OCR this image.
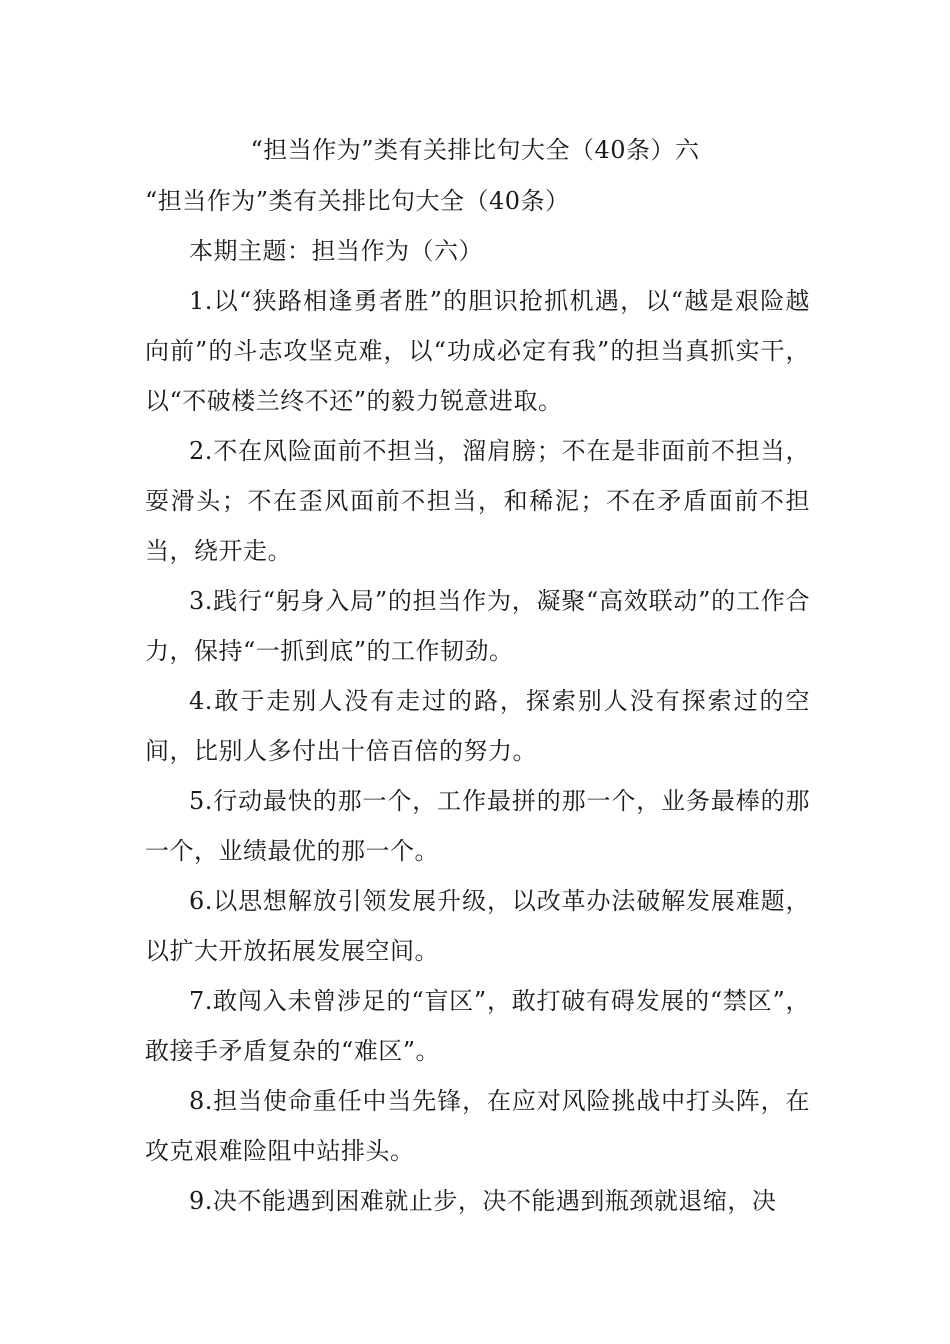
“担当作为”类有关排比句大全（40条）六

“担当作为”类有关排比句大全（40条）

本期主题：担当作为（六）

1.以“狭路相逢勇者胜”的胆识抢抓机遇，以“越是艰险越向前”的斗志攻坚克难，以“功成必定有我”的担当真抓实干，以“不破楼兰终不还”的毅力锐意进取。

2.不在风险面前不担当，溜肩膀；不在是非面前不担当，耍滑头；不在歪风面前不担当，和稀泥；不在矛盾面前不担当，绕开走。

3.践行“躬身入局”的担当作为，凝聚“高效联动”的工作合力，保持“一抓到底”的工作韧劲。

4.敢于走别人没有走过的路，探索别人没有探索过的空间，比别人多付出十倍百倍的努力。

5.行动最快的那一个，工作最拼的那一个，业务最棒的那一个，业绩最优的那一个。

6.以思想解放引领发展升级，以改革办法破解发展难题，以扩大开放拓展发展空间。

7.敢闯入未曾涉足的“盲区”，敢打破有碍发展的“禁区”，敢接手矛盾复杂的“难区”。

8.担当使命重任中当先锋，在应对风险挑战中打头阵，在攻克艰难险阻中站排头。

9.决不能遇到困难就止步，决不能遇到瓶颈就退缩，决
